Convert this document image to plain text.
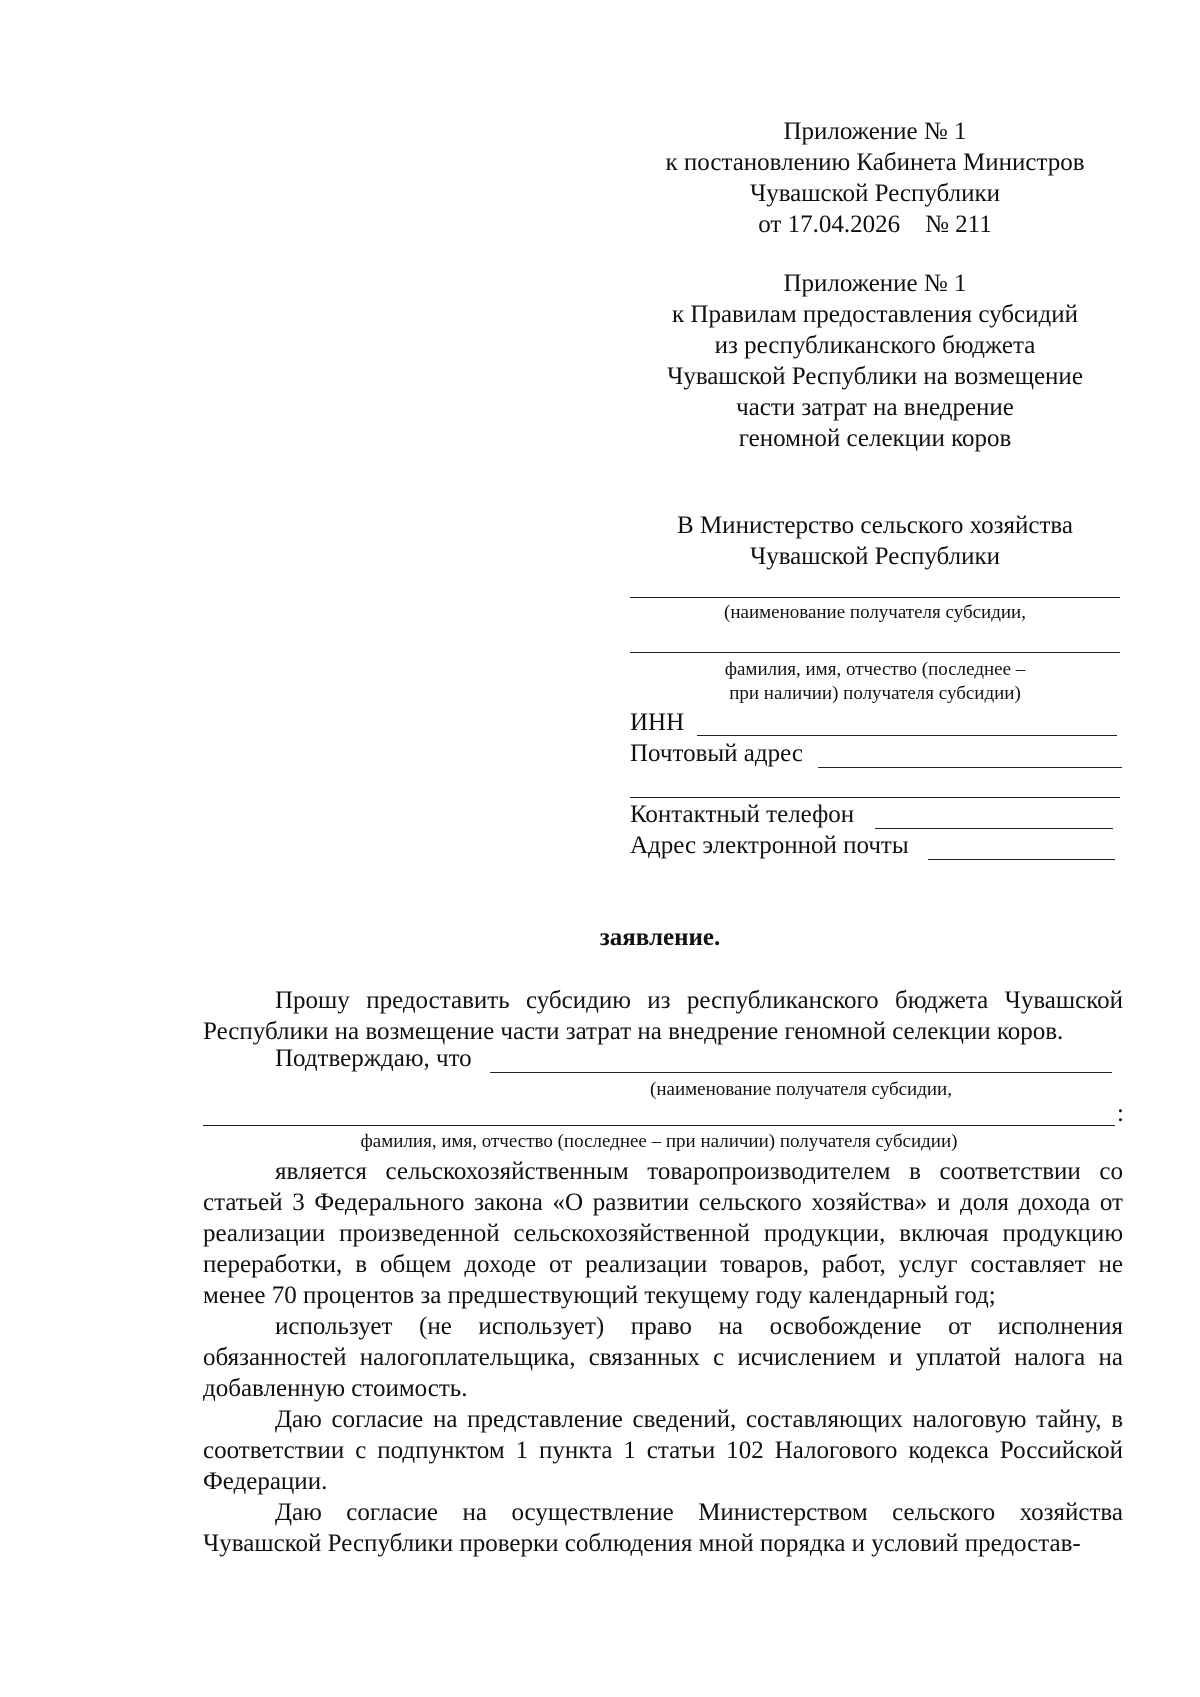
Приложение № 1
к постановлению Кабинета Министров
Чувашской Республики
от 17.04.2026    № 211
Приложение № 1
к Правилам предоставления субсидий
из республиканского бюджета
Чувашской Республики на возмещение
части затрат на внедрение
геномной селекции коров
В Министерство сельского хозяйства
Чувашской Республики
(наименование получателя субсидии,
фамилия, имя, отчество (последнее –
при наличии) получателя субсидии)
ИНН
Почтовый адрес
Контактный телефон
Адрес электронной почты
заявление.

Прошу предоставить субсидию из республиканского бюджета Чувашской Республики на возмещение части затрат на внедрение геномной селекции коров.

Подтверждаю, что
(наименование получателя субсидии,
:
фамилия, имя, отчество (последнее – при наличии) получателя субсидии)

является сельскохозяйственным товаропроизводителем в соответствии со статьей 3 Федерального закона «О развитии сельского хозяйства» и доля дохода от реализации произведенной сельскохозяйственной продукции, включая продукцию переработки, в общем доходе от реализации товаров, работ, услуг составляет не менее 70 процентов за предшествующий текущему году календарный год;

использует (не использует) право на освобождение от исполнения обязанностей налогоплательщика, связанных с исчислением и уплатой налога на добавленную стоимость.

Даю согласие на представление сведений, составляющих налоговую тайну, в соответствии с подпунктом 1 пункта 1 статьи 102 Налогового кодекса Российской Федерации.

Даю согласие на осуществление Министерством сельского хозяйства Чувашской Республики проверки соблюдения мной порядка и условий предостав-
